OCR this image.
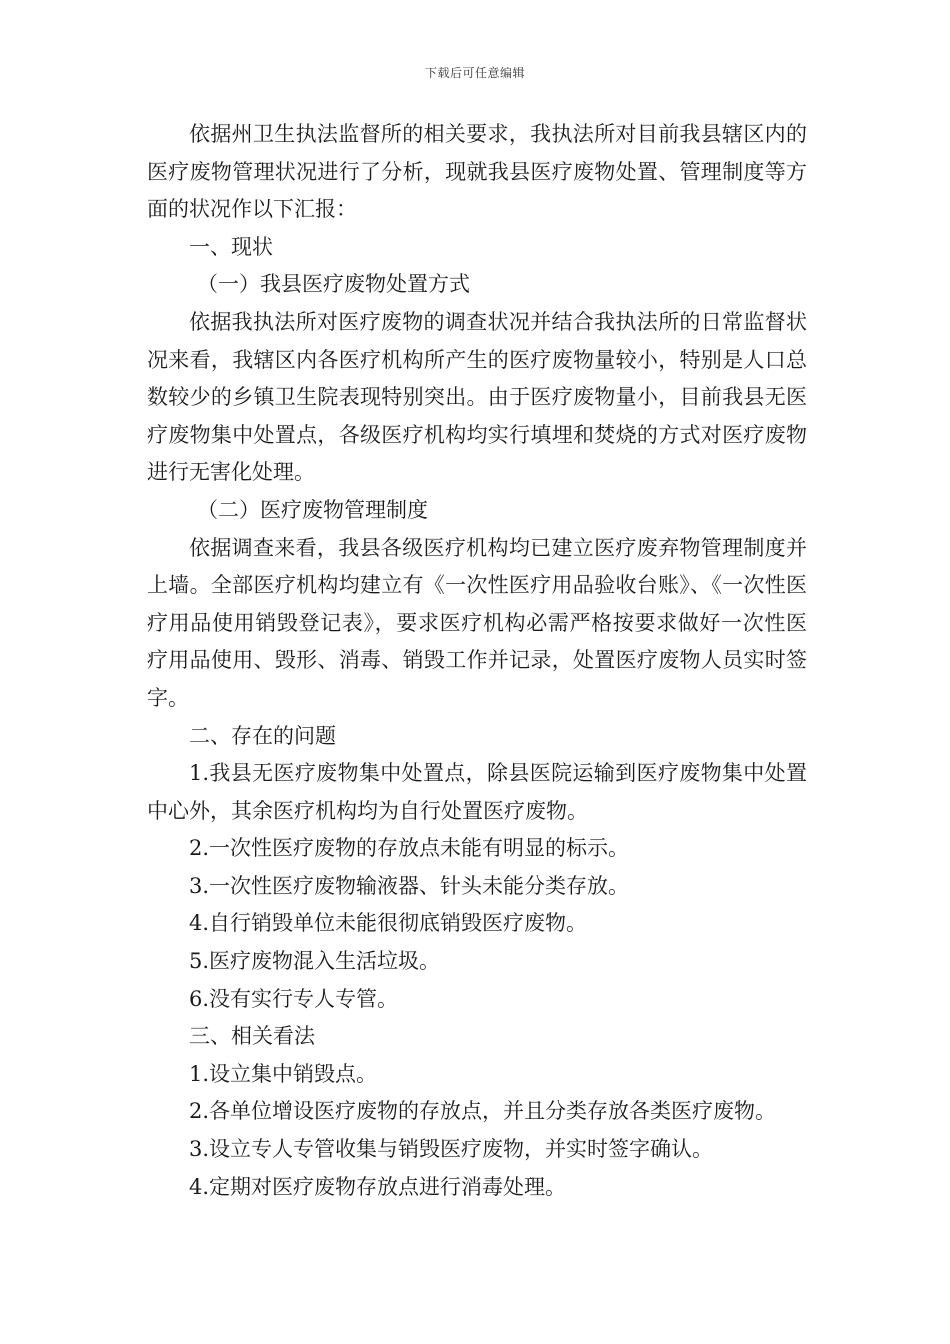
下载后可任意编辑

依据州卫生执法监督所的相关要求，我执法所对目前我县辖区内的医疗废物管理状况进行了分析，现就我县医疗废物处置、管理制度等方面的状况作以下汇报：

一、现状

（一）我县医疗废物处置方式

依据我执法所对医疗废物的调查状况并结合我执法所的日常监督状况来看，我辖区内各医疗机构所产生的医疗废物量较小，特别是人口总数较少的乡镇卫生院表现特别突出。由于医疗废物量小，目前我县无医疗废物集中处置点，各级医疗机构均实行填埋和焚烧的方式对医疗废物进行无害化处理。

（二）医疗废物管理制度

依据调查来看，我县各级医疗机构均已建立医疗废弃物管理制度并上墙。全部医疗机构均建立有《一次性医疗用品验收台账》、《一次性医疗用品使用销毁登记表》，要求医疗机构必需严格按要求做好一次性医疗用品使用、毁形、消毒、销毁工作并记录，处置医疗废物人员实时签字。

二、存在的问题

1.我县无医疗废物集中处置点，除县医院运输到医疗废物集中处置中心外，其余医疗机构均为自行处置医疗废物。

2.一次性医疗废物的存放点未能有明显的标示。

3.一次性医疗废物输液器、针头未能分类存放。

4.自行销毁单位未能很彻底销毁医疗废物。

5.医疗废物混入生活垃圾。

6.没有实行专人专管。

三、相关看法

1.设立集中销毁点。

2.各单位增设医疗废物的存放点，并且分类存放各类医疗废物。

3.设立专人专管收集与销毁医疗废物，并实时签字确认。

4.定期对医疗废物存放点进行消毒处理。
